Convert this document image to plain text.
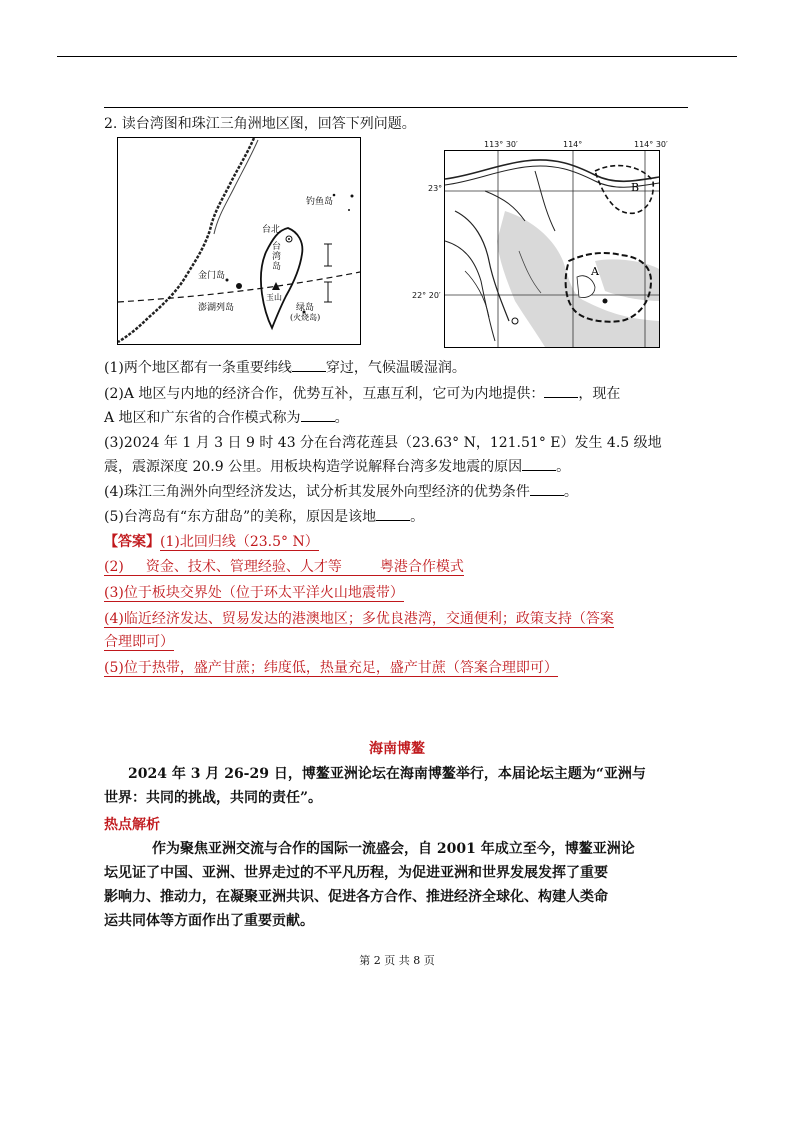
2. 读台湾图和珠江三角洲地区图，回答下列问题。
钓鱼岛
台北
金门岛
澎湖列岛
玉山
绿岛
(火烧岛)
台湾岛
113° 30′	114°	114° 30′
23°
22° 20′
A
B
(1)两个地区都有一条重要纬线 穿过，气候温暖湿润。
(2)A 地区与内地的经济合作，优势互补，互惠互利，它可为内地提供： ，现在
A 地区和广东省的合作模式称为 。
(3)2024 年 1 月 3 日 9 时 43 分在台湾花莲县（23.63° N，121.51° E）发生 4.5 级地
震，震源深度 20.9 公里。用板块构造学说解释台湾多发地震的原因 。
(4)珠江三角洲外向型经济发达，试分析其发展外向型经济的优势条件 。
(5)台湾岛有“东方甜岛”的美称，原因是该地 。
【答案】(1)北回归线（23.5° N）
(2) 资金、技术、管理经验、人才等	粤港合作模式
(3)位于板块交界处（位于环太平洋火山地震带）
(4)临近经济发达、贸易发达的港澳地区；多优良港湾，交通便利；政策支持（答案
合理即可）
(5)位于热带，盛产甘蔗；纬度低，热量充足，盛产甘蔗（答案合理即可）
海南博鳌
2024 年 3 月 26-29 日，博鳌亚洲论坛在海南博鳌举行，本届论坛主题为“亚洲与
世界：共同的挑战，共同的责任”。
热点解析
作为聚焦亚洲交流与合作的国际一流盛会，自 2001 年成立至今，博鳌亚洲论
坛见证了中国、亚洲、世界走过的不平凡历程，为促进亚洲和世界发展发挥了重要
影响力、推动力，在凝聚亚洲共识、促进各方合作、推进经济全球化、构建人类命
运共同体等方面作出了重要贡献。
第 2 页 共 8 页
